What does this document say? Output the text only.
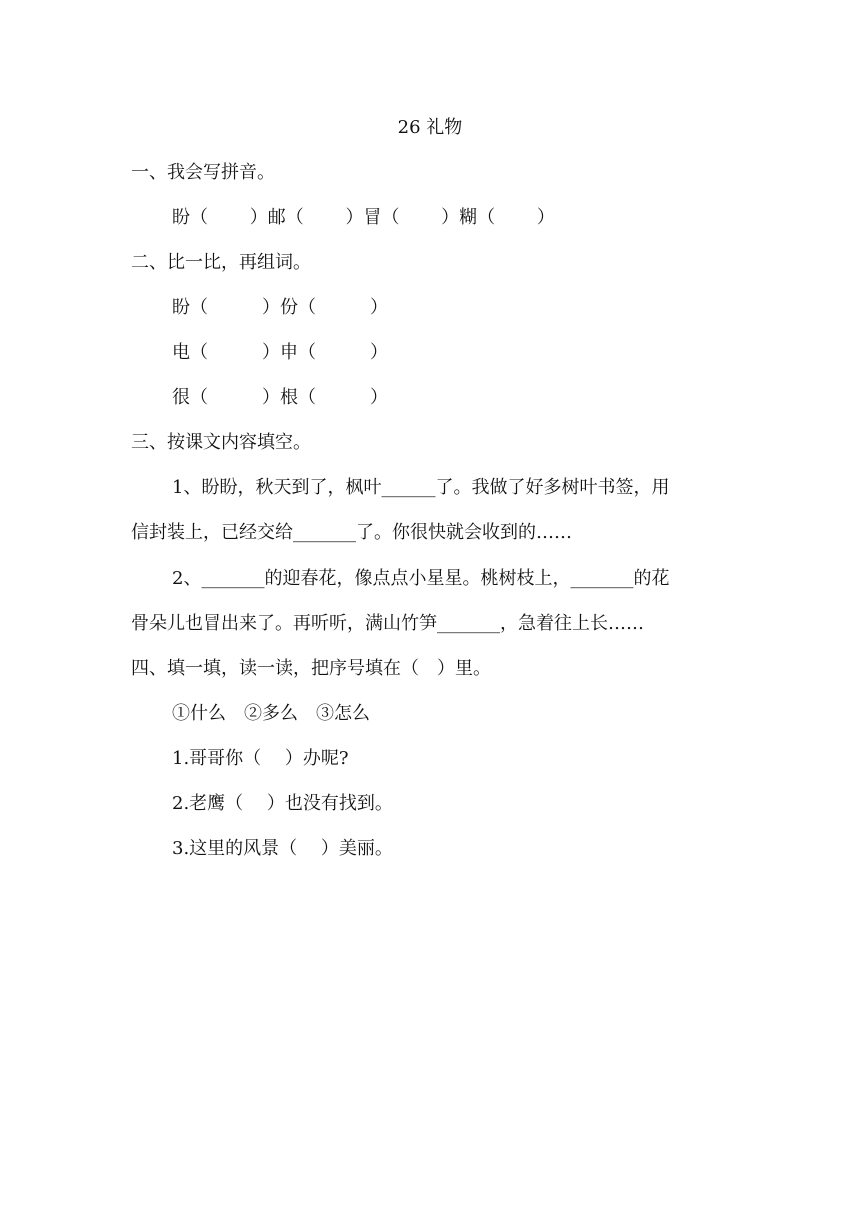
26 礼物
一、我会写拼音。
盼（　　 ）邮（　　 ）冒（　　 ）糊（　　 ）
二、比一比，再组词。
盼（　　　）份（　　　）
电（　　　）申（　　　）
很（　　　）根（　　　）
三、按课文内容填空。
1、盼盼，秋天到了，枫叶______了。我做了好多树叶书签，用
信封装上，已经交给_______了。你很快就会收到的……
2、_______的迎春花，像点点小星星。桃树枝上，_______的花
骨朵儿也冒出来了。再听听，满山竹笋_______，急着往上长……
四、填一填，读一读，把序号填在（　）里。
①什么　②多么　③怎么
1.哥哥你（　 ）办呢?
2.老鹰（　 ）也没有找到。
3.这里的风景（　 ）美丽。
